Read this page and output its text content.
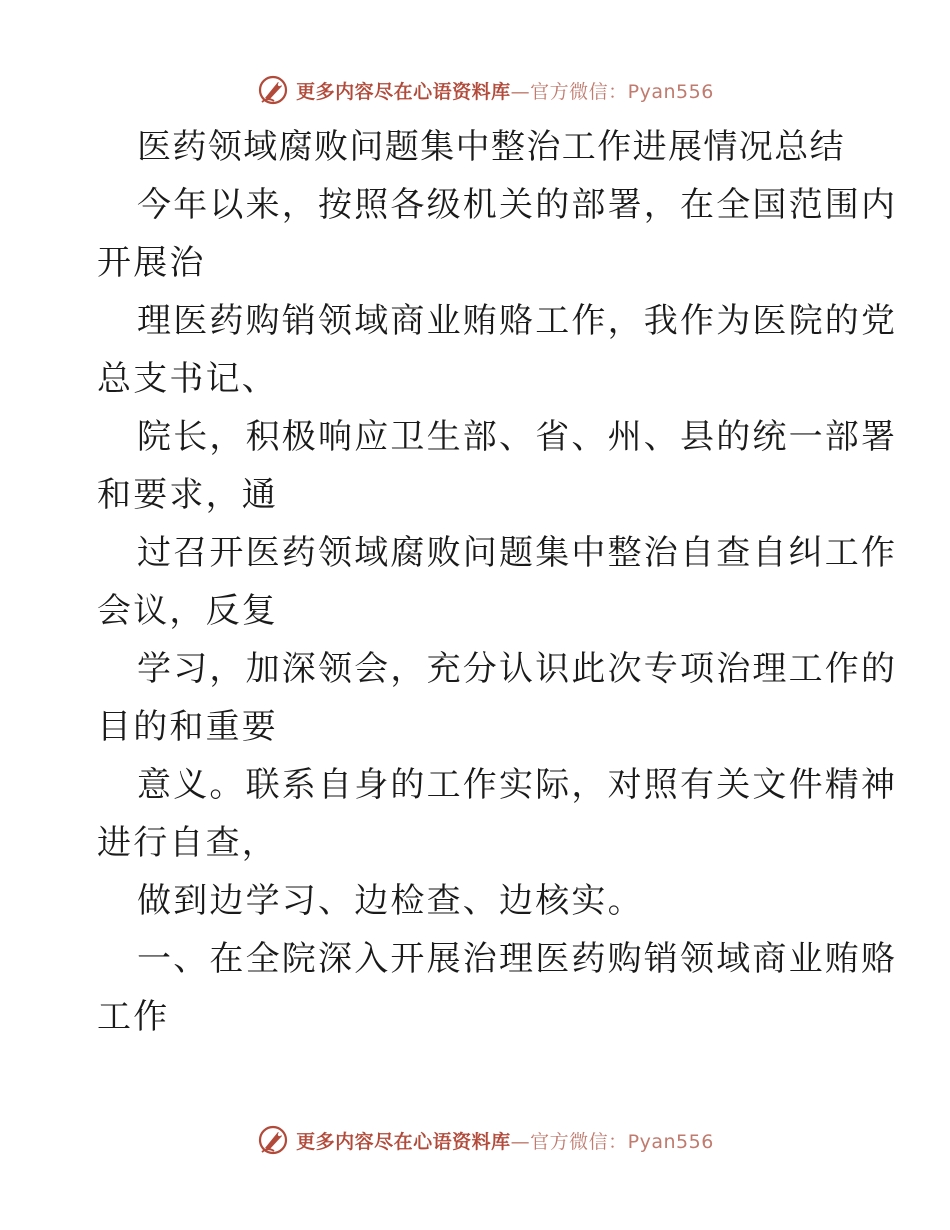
更多内容尽在心语资料库—官方微信：Pyan556
医药领域腐败问题集中整治工作进展情况总结
今年以来，按照各级机关的部署，在全国范围内
开展治
理医药购销领域商业贿赂工作，我作为医院的党
总支书记、
院长，积极响应卫生部、省、州、县的统一部署
和要求，通
过召开医药领域腐败问题集中整治自查自纠工作
会议，反复
学习，加深领会，充分认识此次专项治理工作的
目的和重要
意义。联系自身的工作实际，对照有关文件精神
进行自查，
做到边学习、边检查、边核实。
一、在全院深入开展治理医药购销领域商业贿赂
工作
更多内容尽在心语资料库—官方微信：Pyan556
